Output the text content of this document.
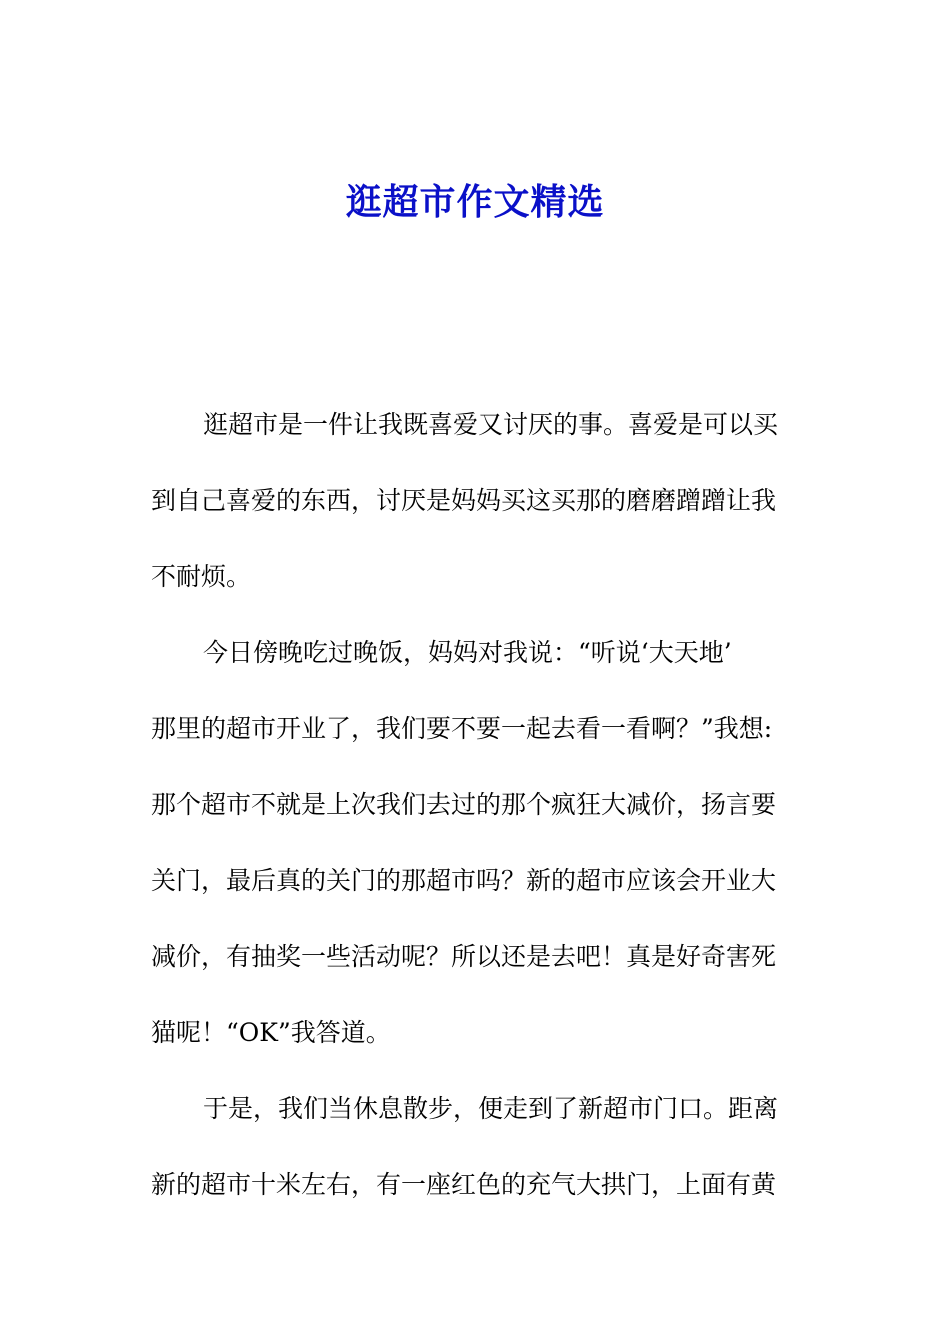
逛超市作文精选
逛超市是一件让我既喜爱又讨厌的事。喜爱是可以买
到自己喜爱的东西，讨厌是妈妈买这买那的磨磨蹭蹭让我
不耐烦。
今日傍晚吃过晚饭，妈妈对我说：“听说‘大天地’
那里的超市开业了，我们要不要一起去看一看啊？”我想:
那个超市不就是上次我们去过的那个疯狂大减价，扬言要
关门，最后真的关门的那超市吗？新的超市应该会开业大
减价，有抽奖一些活动呢？所以还是去吧！真是好奇害死
猫呢！“OK”我答道。
于是，我们当休息散步，便走到了新超市门口。距离
新的超市十米左右，有一座红色的充气大拱门，上面有黄
